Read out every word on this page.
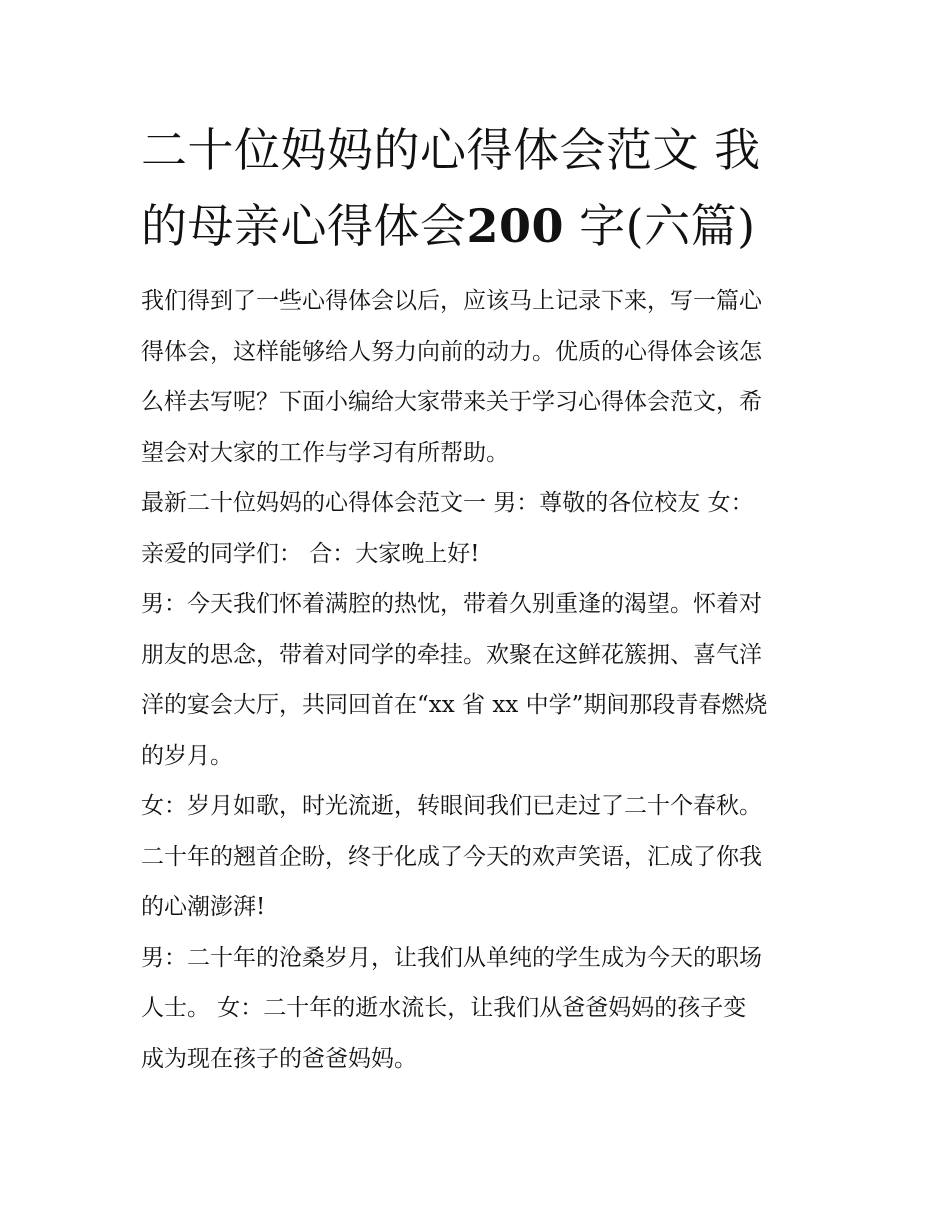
二十位妈妈的心得体会范文 我
的母亲心得体会200 字(六篇)

我们得到了一些心得体会以后，应该马上记录下来，写一篇心
得体会，这样能够给人努力向前的动力。优质的心得体会该怎
么样去写呢？下面小编给大家带来关于学习心得体会范文，希
望会对大家的工作与学习有所帮助。

最新二十位妈妈的心得体会范文一 男：尊敬的各位校友 女：
亲爱的同学们： 合：大家晚上好!

男：今天我们怀着满腔的热忱，带着久别重逢的渴望。怀着对
朋友的思念，带着对同学的牵挂。欢聚在这鲜花簇拥、喜气洋
洋的宴会大厅，共同回首在“xx 省 xx 中学”期间那段青春燃烧
的岁月。

女：岁月如歌，时光流逝，转眼间我们已走过了二十个春秋。
二十年的翘首企盼，终于化成了今天的欢声笑语，汇成了你我
的心潮澎湃!

男：二十年的沧桑岁月，让我们从单纯的学生成为今天的职场
人士。 女：二十年的逝水流长，让我们从爸爸妈妈的孩子变
成为现在孩子的爸爸妈妈。
